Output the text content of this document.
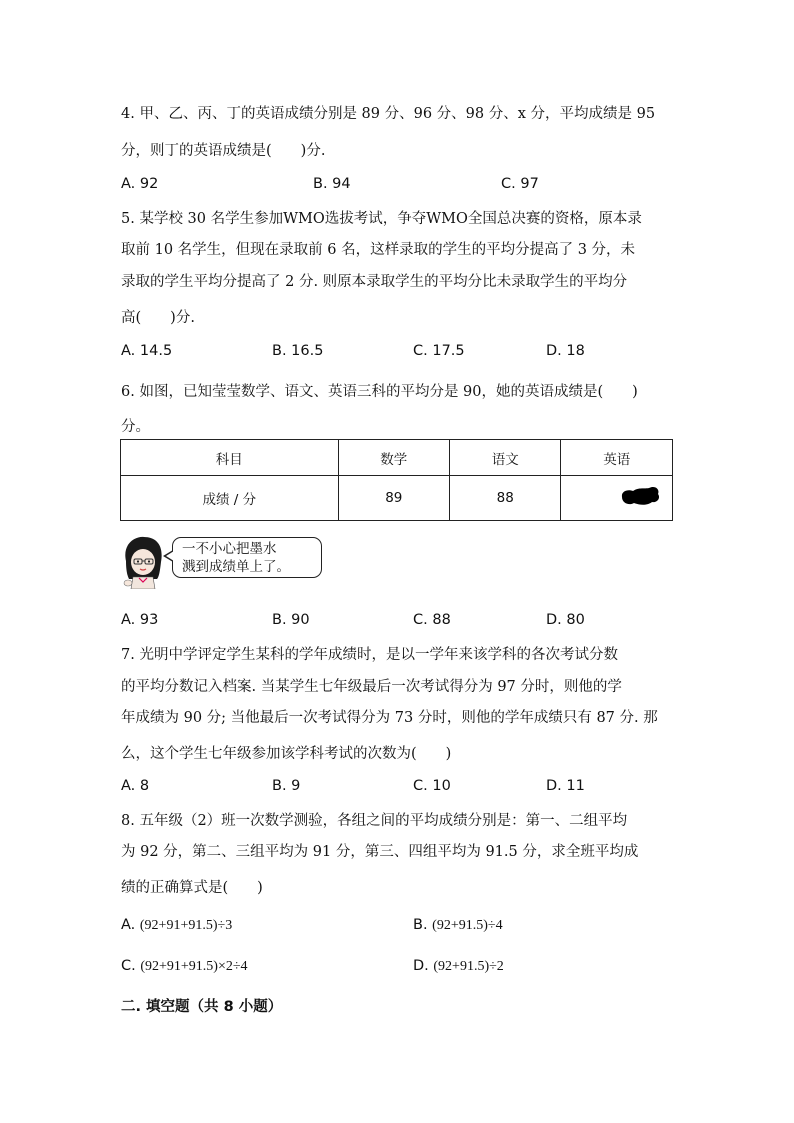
4. 甲、乙、丙、丁的英语成绩分别是 89 分、96 分、98 分、x 分，平均成绩是 95
分，则丁的英语成绩是(　　)分.
A. 92	B. 94	C. 97
5. 某学校 30 名学生参加WMO选拔考试，争夺WMO全国总决赛的资格，原本录
取前 10 名学生，但现在录取前 6 名，这样录取的学生的平均分提高了 3 分，未
录取的学生平均分提高了 2 分. 则原本录取学生的平均分比未录取学生的平均分
高(　　)分.
A. 14.5	B. 16.5	C. 17.5	D. 18
6. 如图，已知莹莹数学、语文、英语三科的平均分是 90，她的英语成绩是(　　)
分。
科目	数学	语文	英语
成绩 / 分	89	88	
一不小心把墨水
溅到成绩单上了。
A. 93	B. 90	C. 88	D. 80
7. 光明中学评定学生某科的学年成绩时，是以一学年来该学科的各次考试分数
的平均分数记入档案. 当某学生七年级最后一次考试得分为 97 分时，则他的学
年成绩为 90 分; 当他最后一次考试得分为 73 分时，则他的学年成绩只有 87 分. 那
么，这个学生七年级参加该学科考试的次数为(　　)
A. 8	B. 9	C. 10	D. 11
8. 五年级（2）班一次数学测验，各组之间的平均成绩分别是：第一、二组平均
为 92 分，第二、三组平均为 91 分，第三、四组平均为 91.5 分，求全班平均成
绩的正确算式是(　　)
A. (92+91+91.5)÷3	B. (92+91.5)÷4
C. (92+91+91.5)×2÷4	D. (92+91.5)÷2
二. 填空题（共 8 小题）
